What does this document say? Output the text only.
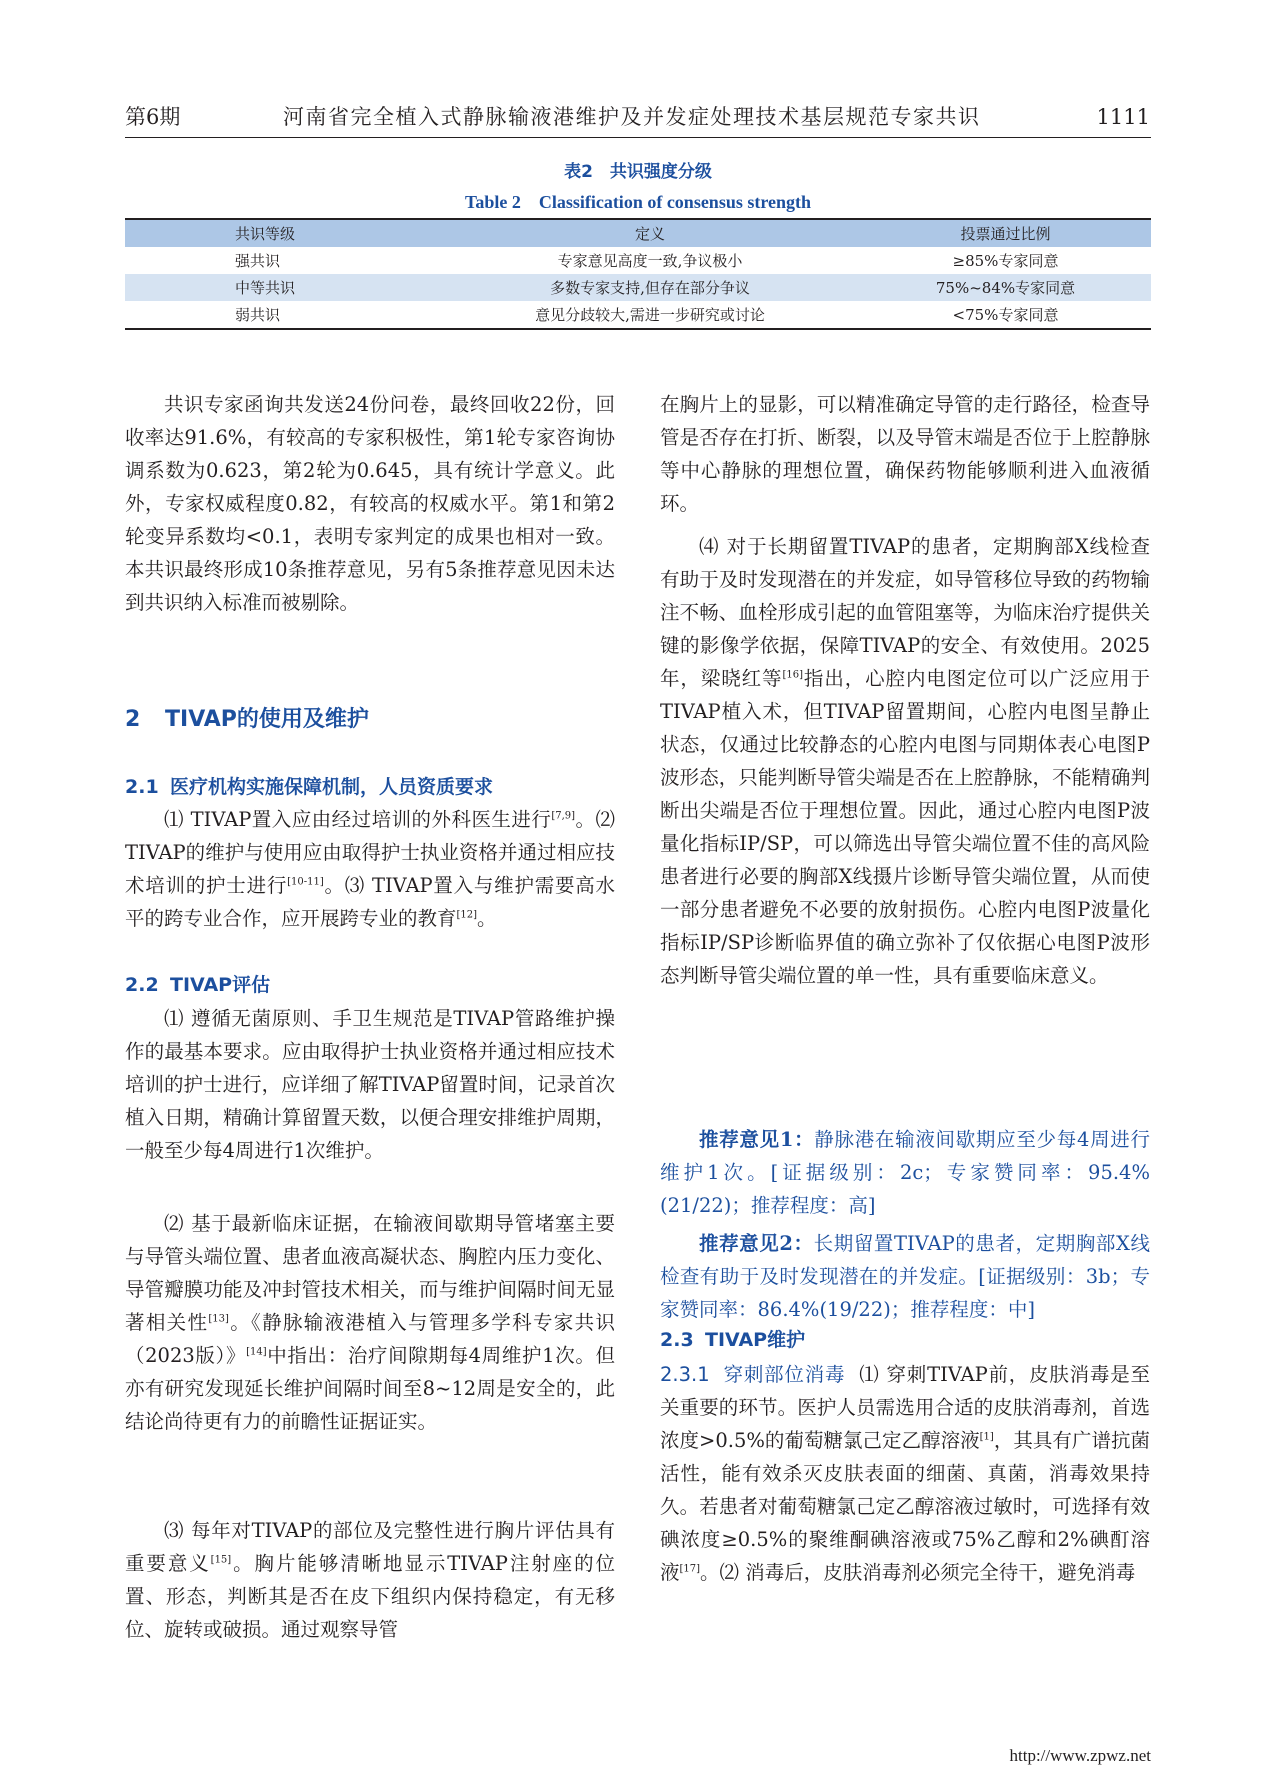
第6期	河南省完全植入式静脉输液港维护及并发症处理技术基层规范专家共识	1111
表2　共识强度分级
Table 2　Classification of consensus strength
共识等级	定义	投票通过比例
强共识	专家意见高度一致,争议极小	≥85%专家同意
中等共识	多数专家支持,但存在部分争议	75%~84%专家同意
弱共识	意见分歧较大,需进一步研究或讨论	<75%专家同意

共识专家函询共发送24份问卷，最终回收22份，回收率达91.6%，有较高的专家积极性，第1轮专家咨询协调系数为0.623，第2轮为0.645，具有统计学意义。此外，专家权威程度0.82，有较高的权威水平。第1和第2轮变异系数均<0.1，表明专家判定的成果也相对一致。本共识最终形成10条推荐意见，另有5条推荐意见因未达到共识纳入标准而被剔除。

2 TIVAP的使用及维护
2.1 医疗机构实施保障机制，人员资质要求

⑴ TIVAP置入应由经过培训的外科医生进行[7,9]。⑵ TIVAP的维护与使用应由取得护士执业资格并通过相应技术培训的护士进行[10-11]。⑶ TIVAP置入与维护需要高水平的跨专业合作，应开展跨专业的教育[12]。

2.2 TIVAP评估

⑴ 遵循无菌原则、手卫生规范是TIVAP管路维护操作的最基本要求。应由取得护士执业资格并通过相应技术培训的护士进行，应详细了解TIVAP留置时间，记录首次植入日期，精确计算留置天数，以便合理安排维护周期，一般至少每4周进行1次维护。

⑵ 基于最新临床证据，在输液间歇期导管堵塞主要与导管头端位置、患者血液高凝状态、胸腔内压力变化、导管瓣膜功能及冲封管技术相关，而与维护间隔时间无显著相关性[13]。《静脉输液港植入与管理多学科专家共识（2023版）》[14]中指出：治疗间隙期每4周维护1次。但亦有研究发现延长维护间隔时间至8~12周是安全的，此结论尚待更有力的前瞻性证据证实。

⑶ 每年对TIVAP的部位及完整性进行胸片评估具有重要意义[15]。胸片能够清晰地显示TIVAP注射座的位置、形态，判断其是否在皮下组织内保持稳定，有无移位、旋转或破损。通过观察导管

在胸片上的显影，可以精准确定导管的走行路径，检查导管是否存在打折、断裂，以及导管末端是否位于上腔静脉等中心静脉的理想位置，确保药物能够顺利进入血液循环。

⑷ 对于长期留置TIVAP的患者，定期胸部X线检查有助于及时发现潜在的并发症，如导管移位导致的药物输注不畅、血栓形成引起的血管阻塞等，为临床治疗提供关键的影像学依据，保障TIVAP的安全、有效使用。2025年，梁晓红等[16]指出，心腔内电图定位可以广泛应用于TIVAP植入术，但TIVAP留置期间，心腔内电图呈静止状态，仅通过比较静态的心腔内电图与同期体表心电图P波形态，只能判断导管尖端是否在上腔静脉，不能精确判断出尖端是否位于理想位置。因此，通过心腔内电图P波量化指标IP/SP，可以筛选出导管尖端位置不佳的高风险患者进行必要的胸部X线摄片诊断导管尖端位置，从而使一部分患者避免不必要的放射损伤。心腔内电图P波量化指标IP/SP诊断临界值的确立弥补了仅依据心电图P波形态判断导管尖端位置的单一性，具有重要临床意义。

推荐意见1：静脉港在输液间歇期应至少每4周进行维护1次。[证据级别：2c；专家赞同率：95.4%(21/22)；推荐程度：高]

推荐意见2：长期留置TIVAP的患者，定期胸部X线检查有助于及时发现潜在的并发症。[证据级别：3b；专家赞同率：86.4%(19/22)；推荐程度：中]

2.3 TIVAP维护

2.3.1 穿刺部位消毒 ⑴ 穿刺TIVAP前，皮肤消毒是至关重要的环节。医护人员需选用合适的皮肤消毒剂，首选浓度>0.5%的葡萄糖氯己定乙醇溶液[1]，其具有广谱抗菌活性，能有效杀灭皮肤表面的细菌、真菌，消毒效果持久。若患者对葡萄糖氯己定乙醇溶液过敏时，可选择有效碘浓度≥0.5%的聚维酮碘溶液或75%乙醇和2%碘酊溶液[17]。⑵ 消毒后，皮肤消毒剂必须完全待干，避免消毒

http://www.zpwz.net
